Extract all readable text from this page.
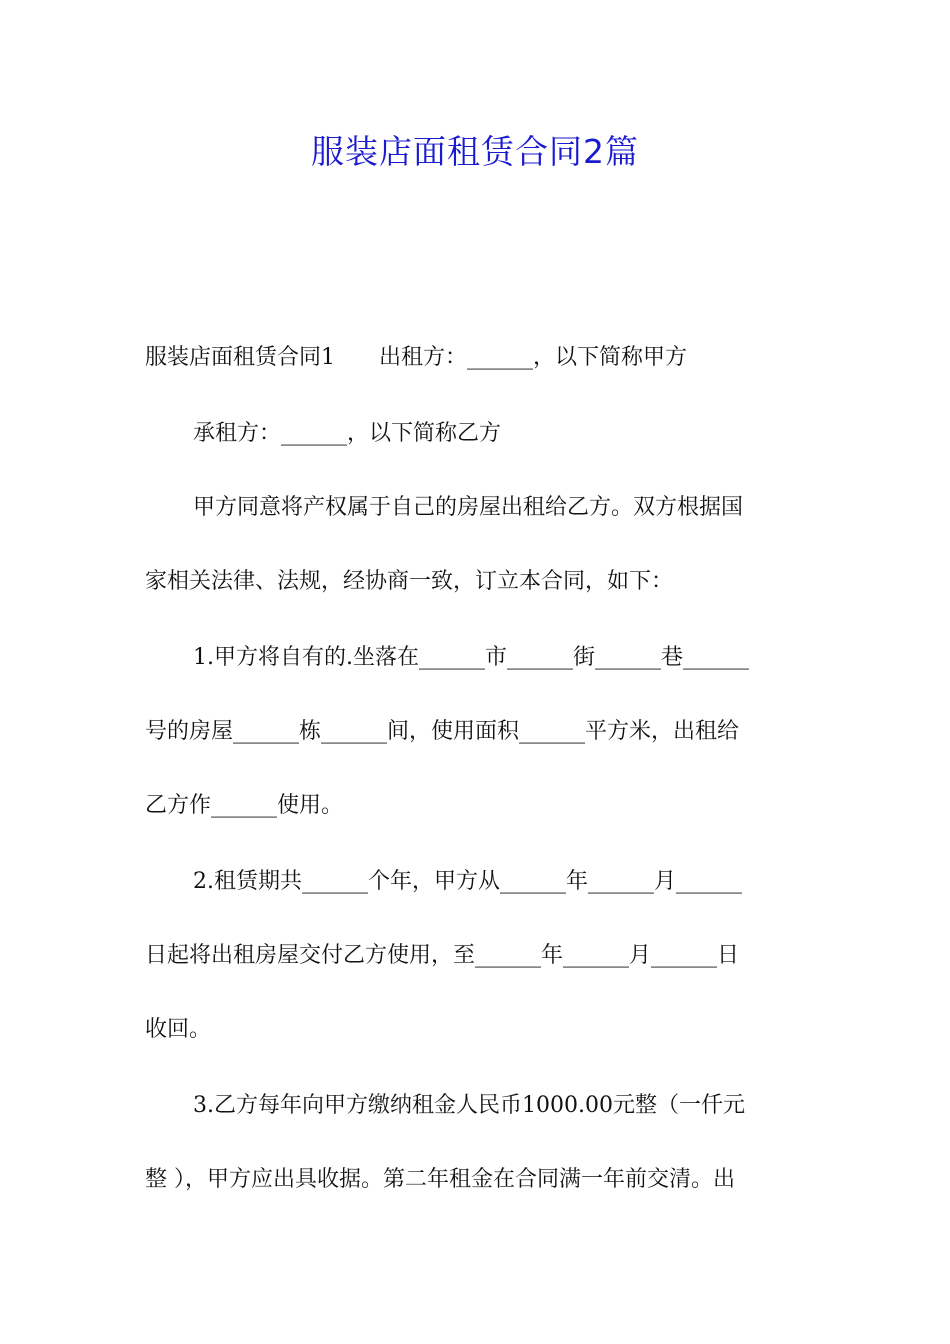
服装店面租赁合同2篇

服装店面租赁合同1　　出租方：______，以下简称甲方

承租方：______，以下简称乙方

甲方同意将产权属于自己的房屋出租给乙方。双方根据国

家相关法律、法规，经协商一致，订立本合同，如下：

1.甲方将自有的.坐落在______市______街______巷______

号的房屋______栋______间，使用面积______平方米，出租给

乙方作______使用。

2.租赁期共______个年，甲方从______年______月______

日起将出租房屋交付乙方使用，至______年______月______日

收回。

3.乙方每年向甲方缴纳租金人民币1000.00元整（一仟元

整 ），甲方应出具收据。第二年租金在合同满一年前交清。出
